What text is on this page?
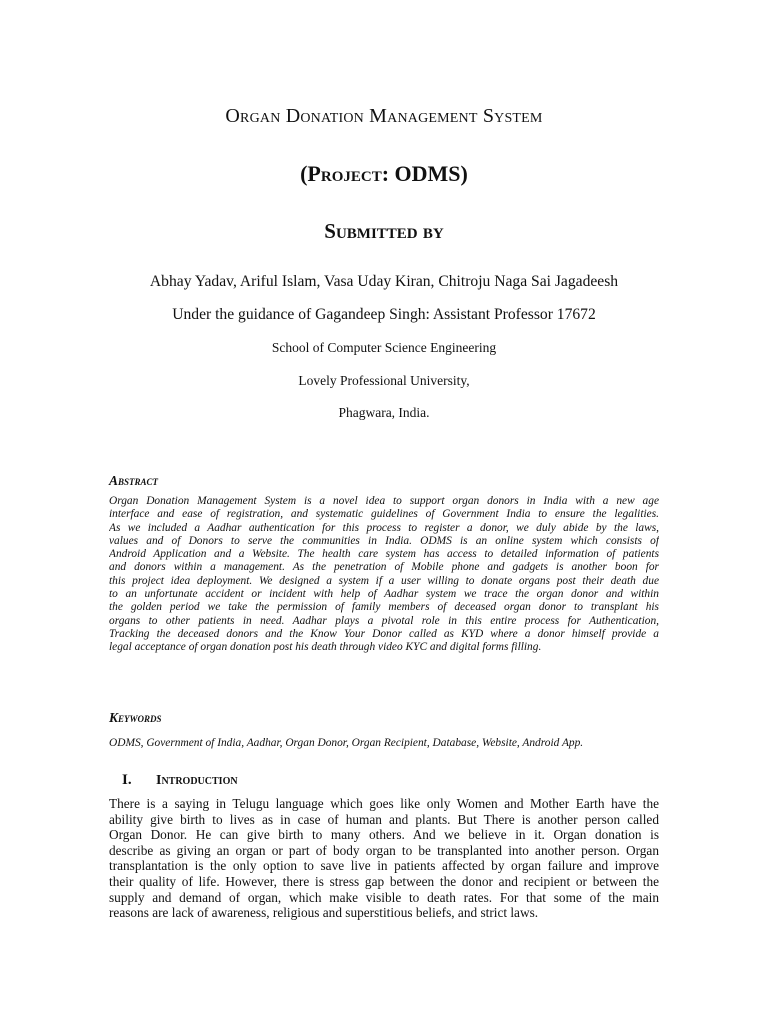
Organ Donation Management System
(Project: ODMS)
Submitted by
Abhay Yadav, Ariful Islam, Vasa Uday Kiran, Chitroju Naga Sai Jagadeesh
Under the guidance of Gagandeep Singh: Assistant Professor 17672
School of Computer Science Engineering
Lovely Professional University,
Phagwara, India.
Abstract
Organ Donation Management System is a novel idea to support organ donors in India with a new age
interface and ease of registration, and systematic guidelines of Government India to ensure the legalities.
As we included a Aadhar authentication for this process to register a donor, we duly abide by the laws,
values and of Donors to serve the communities in India. ODMS is an online system which consists of
Android Application and a Website. The health care system has access to detailed information of patients
and donors within a management. As the penetration of Mobile phone and gadgets is another boon for
this project idea deployment. We designed a system if a user willing to donate organs post their death due
to an unfortunate accident or incident with help of Aadhar system we trace the organ donor and within
the golden period we take the permission of family members of deceased organ donor to transplant his
organs to other patients in need. Aadhar plays a pivotal role in this entire process for Authentication,
Tracking the deceased donors and the Know Your Donor called as KYD where a donor himself provide a
legal acceptance of organ donation post his death through video KYC and digital forms filling.
Keywords
ODMS, Government of India, Aadhar, Organ Donor, Organ Recipient, Database, Website, Android App.
I. Introduction
There is a saying in Telugu language which goes like only Women and Mother Earth have the
ability give birth to lives as in case of human and plants. But There is another person called
Organ Donor. He can give birth to many others. And we believe in it. Organ donation is
describe as giving an organ or part of body organ to be transplanted into another person. Organ
transplantation is the only option to save live in patients affected by organ failure and improve
their quality of life. However, there is stress gap between the donor and recipient or between the
supply and demand of organ, which make visible to death rates. For that some of the main
reasons are lack of awareness, religious and superstitious beliefs, and strict laws.
